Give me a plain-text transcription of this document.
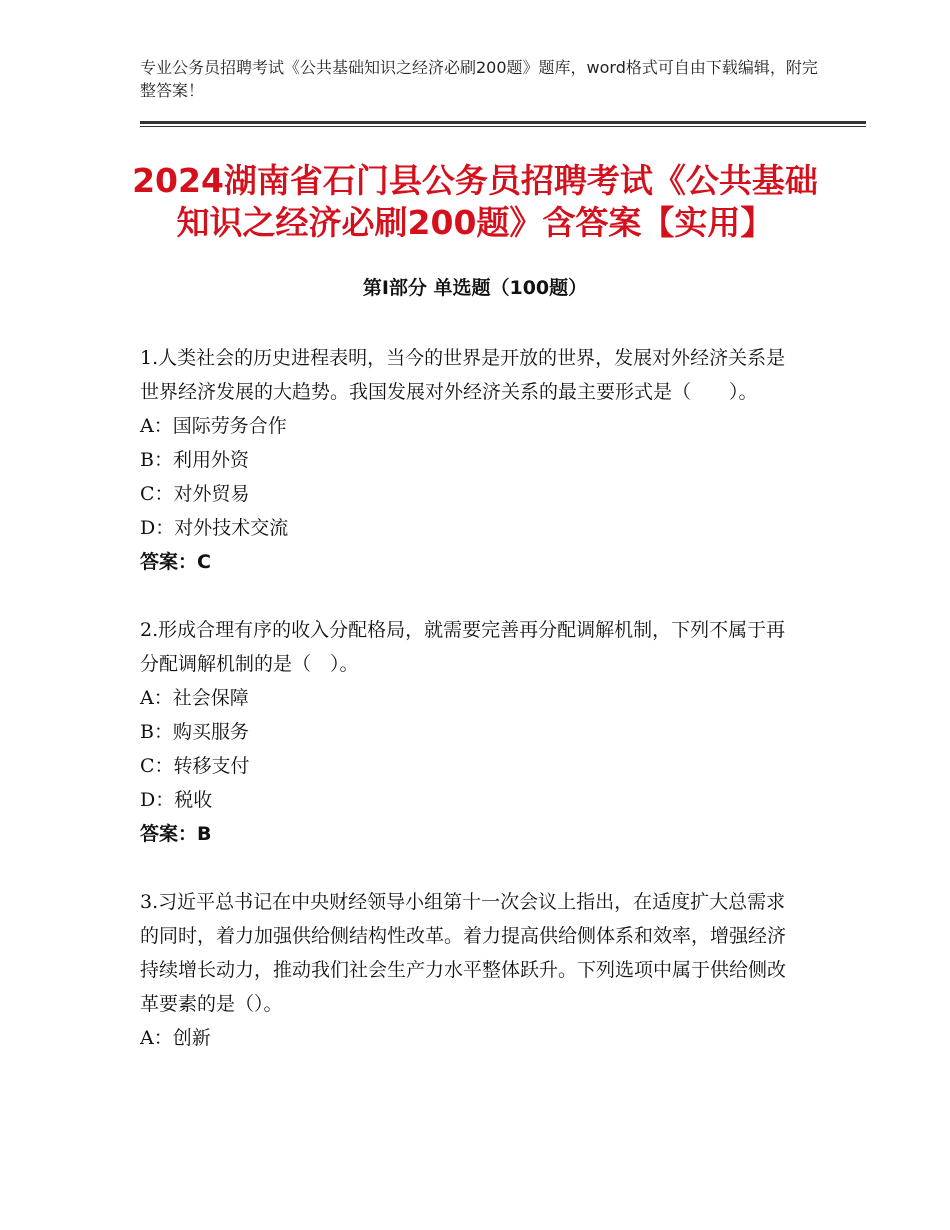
专业公务员招聘考试《公共基础知识之经济必刷200题》题库，word格式可自由下载编辑，附完整答案！
2024湖南省石门县公务员招聘考试《公共基础知识之经济必刷200题》含答案【实用】
第Ⅰ部分 单选题（100题）

1.人类社会的历史进程表明，当今的世界是开放的世界，发展对外经济关系是世界经济发展的大趋势。我国发展对外经济关系的最主要形式是（　　）。

A：国际劳务合作

B：利用外资

C：对外贸易

D：对外技术交流

答案：C

2.形成合理有序的收入分配格局，就需要完善再分配调解机制，下列不属于再分配调解机制的是（　）。

A：社会保障

B：购买服务

C：转移支付

D：税收

答案：B

3.习近平总书记在中央财经领导小组第十一次会议上指出，在适度扩大总需求的同时，着力加强供给侧结构性改革。着力提高供给侧体系和效率，增强经济持续增长动力，推动我们社会生产力水平整体跃升。下列选项中属于供给侧改革要素的是（）。

A：创新
